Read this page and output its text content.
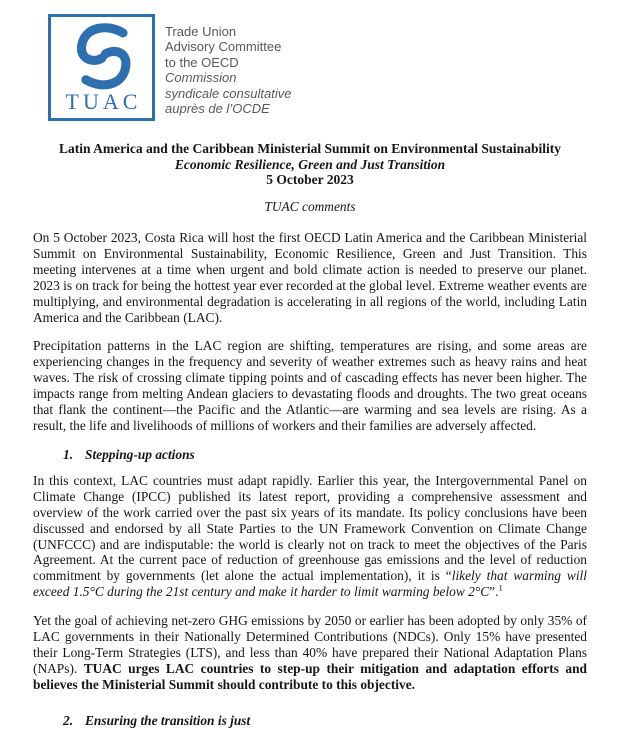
TUAC
Trade Union
Advisory Committee
to the OECD
Commission
syndicale consultative
auprès de l’OCDE
Latin America and the Caribbean Ministerial Summit on Environmental Sustainability
Economic Resilience, Green and Just Transition
5 October 2023
TUAC comments

On 5 October 2023, Costa Rica will host the first OECD Latin America and the Caribbean Ministerial Summit on Environmental Sustainability, Economic Resilience, Green and Just Transition. This meeting intervenes at a time when urgent and bold climate action is needed to preserve our planet. 2023 is on track for being the hottest year ever recorded at the global level. Extreme weather events are multiplying, and environmental degradation is accelerating in all regions of the world, including Latin America and the Caribbean (LAC).

Precipitation patterns in the LAC region are shifting, temperatures are rising, and some areas are experiencing changes in the frequency and severity of weather extremes such as heavy rains and heat waves. The risk of crossing climate tipping points and of cascading effects has never been higher. The impacts range from melting Andean glaciers to devastating floods and droughts. The two great oceans that flank the continent—the Pacific and the Atlantic—are warming and sea levels are rising. As a result, the life and livelihoods of millions of workers and their families are adversely affected.

1. Stepping-up actions

In this context, LAC countries must adapt rapidly. Earlier this year, the Intergovernmental Panel on Climate Change (IPCC) published its latest report, providing a comprehensive assessment and overview of the work carried over the past six years of its mandate. Its policy conclusions have been discussed and endorsed by all State Parties to the UN Framework Convention on Climate Change (UNFCCC) and are indisputable: the world is clearly not on track to meet the objectives of the Paris Agreement. At the current pace of reduction of greenhouse gas emissions and the level of reduction commitment by governments (let alone the actual implementation), it is “likely that warming will exceed 1.5°C during the 21st century and make it harder to limit warming below 2°C”.$^1$

Yet the goal of achieving net-zero GHG emissions by 2050 or earlier has been adopted by only 35% of LAC governments in their Nationally Determined Contributions (NDCs). Only 15% have presented their Long-Term Strategies (LTS), and less than 40% have prepared their National Adaptation Plans (NAPs). TUAC urges LAC countries to step-up their mitigation and adaptation efforts and believes the Ministerial Summit should contribute to this objective.

2. Ensuring the transition is just
